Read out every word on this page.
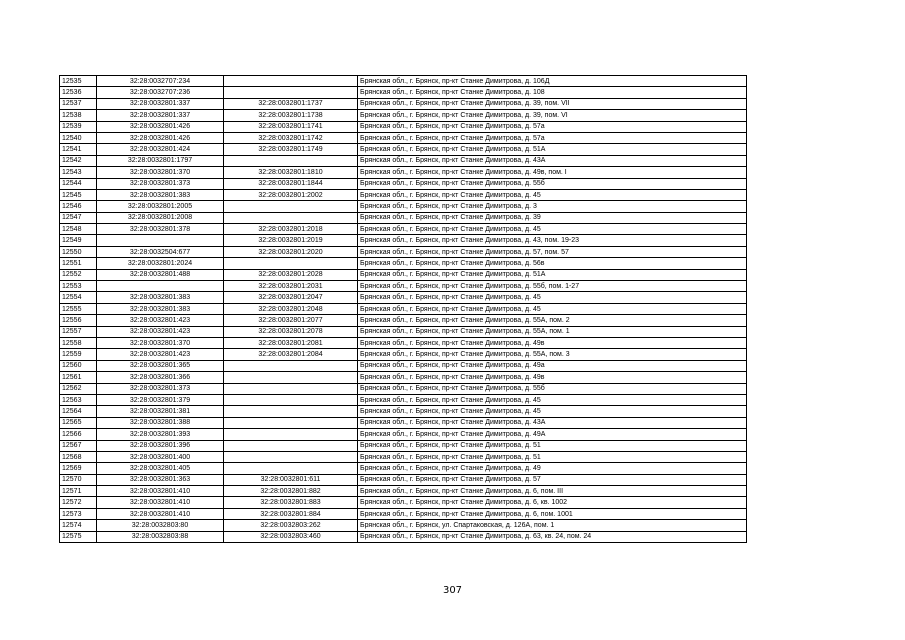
12535	32:28:0032707:234		Брянская обл., г. Брянск, пр-кт Станке Димитрова, д. 106Д
12536	32:28:0032707:236		Брянская обл., г. Брянск, пр-кт Станке Димитрова, д. 108
12537	32:28:0032801:337	32:28:0032801:1737	Брянская обл., г. Брянск, пр-кт Станке Димитрова, д. 39, пом. VII
12538	32:28:0032801:337	32:28:0032801:1738	Брянская обл., г. Брянск, пр-кт Станке Димитрова, д. 39, пом. VI
12539	32:28:0032801:426	32:28:0032801:1741	Брянская обл., г. Брянск, пр-кт Станке Димитрова, д. 57а
12540	32:28:0032801:426	32:28:0032801:1742	Брянская обл., г. Брянск, пр-кт Станке Димитрова, д. 57а
12541	32:28:0032801:424	32:28:0032801:1749	Брянская обл., г. Брянск, пр-кт Станке Димитрова, д. 51А
12542	32:28:0032801:1797		Брянская обл., г. Брянск, пр-кт Станке Димитрова, д. 43А
12543	32:28:0032801:370	32:28:0032801:1810	Брянская обл., г. Брянск, пр-кт Станке Димитрова, д. 49в, пом. I
12544	32:28:0032801:373	32:28:0032801:1844	Брянская обл., г. Брянск, пр-кт Станке Димитрова, д. 55б
12545	32:28:0032801:383	32:28:0032801:2002	Брянская обл., г. Брянск, пр-кт Станке Димитрова, д. 45
12546	32:28:0032801:2005		Брянская обл., г. Брянск, пр-кт Станке Димитрова, д. 3
12547	32:28:0032801:2008		Брянская обл., г. Брянск, пр-кт Станке Димитрова, д. 39
12548	32:28:0032801:378	32:28:0032801:2018	Брянская обл., г. Брянск, пр-кт Станке Димитрова, д. 45
12549		32:28:0032801:2019	Брянская обл., г. Брянск, пр-кт Станке Димитрова, д. 43, пом. 19-23
12550	32:28:0032504:677	32:28:0032801:2020	Брянская обл., г. Брянск, пр-кт Станке Димитрова, д. 57, пом. 57
12551	32:28:0032801:2024		Брянская обл., г. Брянск, пр-кт Станке Димитрова, д. 56в
12552	32:28:0032801:488	32:28:0032801:2028	Брянская обл., г. Брянск, пр-кт Станке Димитрова, д. 51А
12553		32:28:0032801:2031	Брянская обл., г. Брянск, пр-кт Станке Димитрова, д. 55б, пом. 1-27
12554	32:28:0032801:383	32:28:0032801:2047	Брянская обл., г. Брянск, пр-кт Станке Димитрова, д. 45
12555	32:28:0032801:383	32:28:0032801:2048	Брянская обл., г. Брянск, пр-кт Станке Димитрова, д. 45
12556	32:28:0032801:423	32:28:0032801:2077	Брянская обл., г. Брянск, пр-кт Станке Димитрова, д. 55А, пом. 2
12557	32:28:0032801:423	32:28:0032801:2078	Брянская обл., г. Брянск, пр-кт Станке Димитрова, д. 55А, пом. 1
12558	32:28:0032801:370	32:28:0032801:2081	Брянская обл., г. Брянск, пр-кт Станке Димитрова, д. 49в
12559	32:28:0032801:423	32:28:0032801:2084	Брянская обл., г. Брянск, пр-кт Станке Димитрова, д. 55А, пом. 3
12560	32:28:0032801:365		Брянская обл., г. Брянск, пр-кт Станке Димитрова, д. 49а
12561	32:28:0032801:366		Брянская обл., г. Брянск, пр-кт Станке Димитрова, д. 49в
12562	32:28:0032801:373		Брянская обл., г. Брянск, пр-кт Станке Димитрова, д. 55б
12563	32:28:0032801:379		Брянская обл., г. Брянск, пр-кт Станке Димитрова, д. 45
12564	32:28:0032801:381		Брянская обл., г. Брянск, пр-кт Станке Димитрова, д. 45
12565	32:28:0032801:388		Брянская обл., г. Брянск, пр-кт Станке Димитрова, д. 43А
12566	32:28:0032801:393		Брянская обл., г. Брянск, пр-кт Станке Димитрова, д. 49А
12567	32:28:0032801:396		Брянская обл., г. Брянск, пр-кт Станке Димитрова, д. 51
12568	32:28:0032801:400		Брянская обл., г. Брянск, пр-кт Станке Димитрова, д. 51
12569	32:28:0032801:405		Брянская обл., г. Брянск, пр-кт Станке Димитрова, д. 49
12570	32:28:0032801:363	32:28:0032801:611	Брянская обл., г. Брянск, пр-кт Станке Димитрова, д. 57
12571	32:28:0032801:410	32:28:0032801:882	Брянская обл., г. Брянск, пр-кт Станке Димитрова, д. 6, пом. III
12572	32:28:0032801:410	32:28:0032801:883	Брянская обл., г. Брянск, пр-кт Станке Димитрова, д. 6, кв. 1002
12573	32:28:0032801:410	32:28:0032801:884	Брянская обл., г. Брянск, пр-кт Станке Димитрова, д. 6, пом. 1001
12574	32:28:0032803:80	32:28:0032803:262	Брянская обл., г. Брянск, ул. Спартаковская, д. 126А, пом. 1
12575	32:28:0032803:88	32:28:0032803:460	Брянская обл., г. Брянск, пр-кт Станке Димитрова, д. 63, кв. 24, пом. 24
307
